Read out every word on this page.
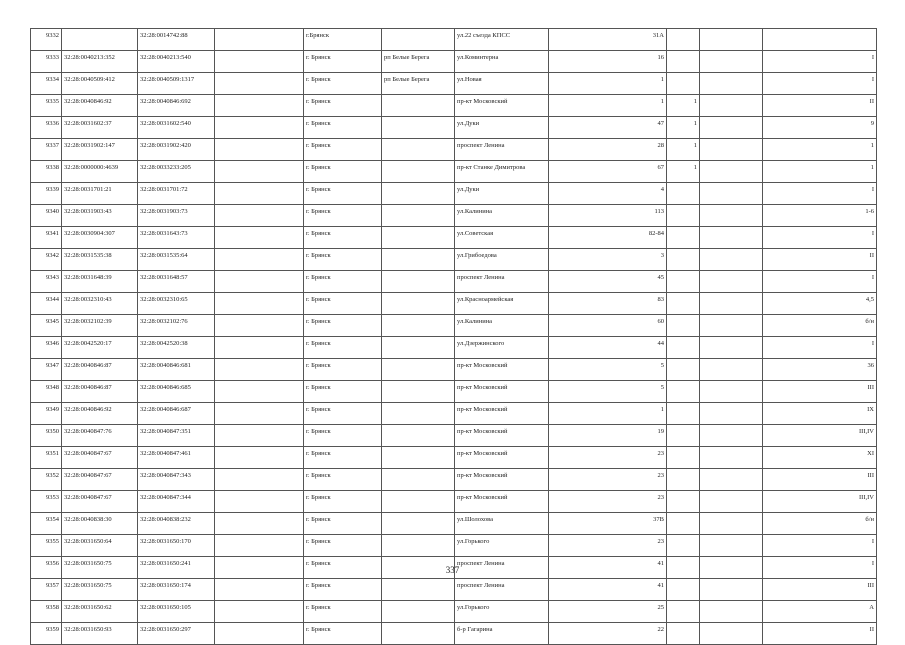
9332		32:28:0014742:88		г.Брянск		ул.22 съезда КПСС	31А			
9333	32:28:0040213:352	32:28:0040213:540		г. Брянск	рп Белые Берега	ул.Коминтерна	16			I
9334	32:28:0040509:412	32:28:0040509:1317		г. Брянск	рп Белые Берега	ул.Новая	1			I
9335	32:28:0040846:92	32:28:0040846:692		г. Брянск		пр-кт Московский	1	1		II
9336	32:28:0031602:37	32:28:0031602:540		г. Брянск		ул.Дуки	47	1		9
9337	32:28:0031902:147	32:28:0031902:420		г. Брянск		проспект Ленина	28	1		1
9338	32:28:0000000:4639	32:28:0033233:205		г. Брянск		пр-кт Станке Димитрова	67	1		1
9339	32:28:0031701:21	32:28:0031701:72		г. Брянск		ул.Дуки	4			I
9340	32:28:0031903:43	32:28:0031903:73		г. Брянск		ул.Калинина	113			1-6
9341	32:28:0030904:307	32:28:0031643:73		г. Брянск		ул.Советская	82-84			I
9342	32:28:0031535:38	32:28:0031535:64		г. Брянск		ул.Грибоедова	3			II
9343	32:28:0031648:39	32:28:0031648:57		г. Брянск		проспект Ленина	45			I
9344	32:28:0032310:43	32:28:0032310:65		г. Брянск		ул.Красноармейская	83			4,5
9345	32:28:0032102:39	32:28:0032102:76		г. Брянск		ул.Калинина	60			б/н
9346	32:28:0042520:17	32:28:0042520:38		г. Брянск		ул.Дзержинского	44			I
9347	32:28:0040846:87	32:28:0040846:681		г. Брянск		пр-кт Московский	5			36
9348	32:28:0040846:87	32:28:0040846:685		г. Брянск		пр-кт Московский	5			III
9349	32:28:0040846:92	32:28:0040846:687		г. Брянск		пр-кт Московский	1			IX
9350	32:28:0040847:76	32:28:0040847:351		г. Брянск		пр-кт Московский	19			III,IV
9351	32:28:0040847:67	32:28:0040847:461		г. Брянск		пр-кт Московский	23			XI
9352	32:28:0040847:67	32:28:0040847:343		г. Брянск		пр-кт Московский	23			III
9353	32:28:0040847:67	32:28:0040847:344		г. Брянск		пр-кт Московский	23			III,IV
9354	32:28:0040838:30	32:28:0040838:232		г. Брянск		ул.Шолохова	37В			б/н
9355	32:28:0031650:64	32:28:0031650:170		г. Брянск		ул.Горького	23			I
9356	32:28:0031650:75	32:28:0031650:241		г. Брянск		проспект Ленина	41			I
9357	32:28:0031650:75	32:28:0031650:174		г. Брянск		проспект Ленина	41			III
9358	32:28:0031650:62	32:28:0031650:105		г. Брянск		ул.Горького	25			А
9359	32:28:0031650:93	32:28:0031650:297		г. Брянск		б-р Гагарина	22			II
337
